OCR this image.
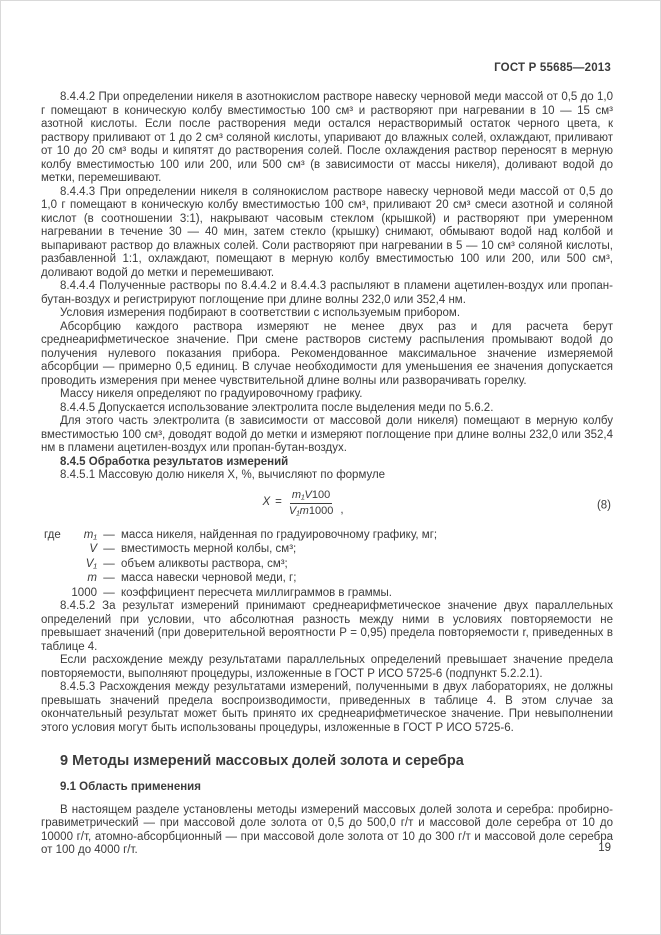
ГОСТ Р 55685—2013

8.4.4.2 При определении никеля в азотнокислом растворе навеску черновой меди массой от 0,5 до 1,0 г помещают в коническую колбу вместимостью 100 см³ и растворяют при нагревании в 10 — 15 см³ азотной кислоты. Если после растворения меди остался нерастворимый остаток черного цвета, к раствору приливают от 1 до 2 см³ соляной кислоты, упаривают до влажных солей, охлаждают, приливают от 10 до 20 см³ воды и кипятят до растворения солей. После охлаждения раствор переносят в мерную колбу вместимостью 100 или 200, или 500 см³ (в зависимости от массы никеля), доливают водой до метки, перемешивают.

8.4.4.3 При определении никеля в солянокислом растворе навеску черновой меди массой от 0,5 до 1,0 г помещают в коническую колбу вместимостью 100 см³, приливают 20 см³ смеси азотной и соляной кислот (в соотношении 3:1), накрывают часовым стеклом (крышкой) и растворяют при умеренном нагревании в течение 30 — 40 мин, затем стекло (крышку) снимают, обмывают водой над колбой и выпаривают раствор до влажных солей. Соли растворяют при нагревании в 5 — 10 см³ соляной кислоты, разбавленной 1:1, охлаждают, помещают в мерную колбу вместимостью 100 или 200, или 500 см³, доливают водой до метки и перемешивают.

8.4.4.4 Полученные растворы по 8.4.4.2 и 8.4.4.3 распыляют в пламени ацетилен-воздух или пропан-бутан-воздух и регистрируют поглощение при длине волны 232,0 или 352,4 нм.

Условия измерения подбирают в соответствии с используемым прибором.

Абсорбцию каждого раствора измеряют не менее двух раз и для расчета берут среднеарифметическое значение. При смене растворов систему распыления промывают водой до получения нулевого показания прибора. Рекомендованное максимальное значение измеряемой абсорбции — примерно 0,5 единиц. В случае необходимости для уменьшения ее значения допускается проводить измерения при менее чувствительной длине волны или разворачивать горелку.

Массу никеля определяют по градуировочному графику.

8.4.4.5 Допускается использование электролита после выделения меди по 5.6.2.

Для этого часть электролита (в зависимости от массовой доли никеля) помещают в мерную колбу вместимостью 100 см³, доводят водой до метки и измеряют поглощение при длине волны 232,0 или 352,4 нм в пламени ацетилен-воздух или пропан-бутан-воздух.

8.4.5 Обработка результатов измерений

8.4.5.1 Массовую долю никеля X, %, вычисляют по формуле

$X = \frac{\text{m₁V100}}{\text{V₁m1000}}$ ,	(8)
где	m₁ — масса никеля, найденная по градуировочному графику, мг;
V — вместимость мерной колбы, см³;
V₁ — объем аликвоты раствора, см³;
m — масса навески черновой меди, г;
1000 — коэффициент пересчета миллиграммов в граммы.

8.4.5.2 За результат измерений принимают среднеарифметическое значение двух параллельных определений при условии, что абсолютная разность между ними в условиях повторяемости не превышает значений (при доверительной вероятности P = 0,95) предела повторяемости r, приведенных в таблице 4.

Если расхождение между результатами параллельных определений превышает значение предела повторяемости, выполняют процедуры, изложенные в ГОСТ Р ИСО 5725-6 (подпункт 5.2.2.1).

8.4.5.3 Расхождения между результатами измерений, полученными в двух лабораториях, не должны превышать значений предела воспроизводимости, приведенных в таблице 4. В этом случае за окончательный результат может быть принято их среднеарифметическое значение. При невыполнении этого условия могут быть использованы процедуры, изложенные в ГОСТ Р ИСО 5725-6.

9 Методы измерений массовых долей золота и серебра
9.1 Область применения

В настоящем разделе установлены методы измерений массовых долей золота и серебра: пробирно-гравиметрический — при массовой доле золота от 0,5 до 500,0 г/т и массовой доле серебра от 10 до 10000 г/т, атомно-абсорбционный — при массовой доле золота от 10 до 300 г/т и массовой доле серебра от 100 до 4000 г/т.	19
